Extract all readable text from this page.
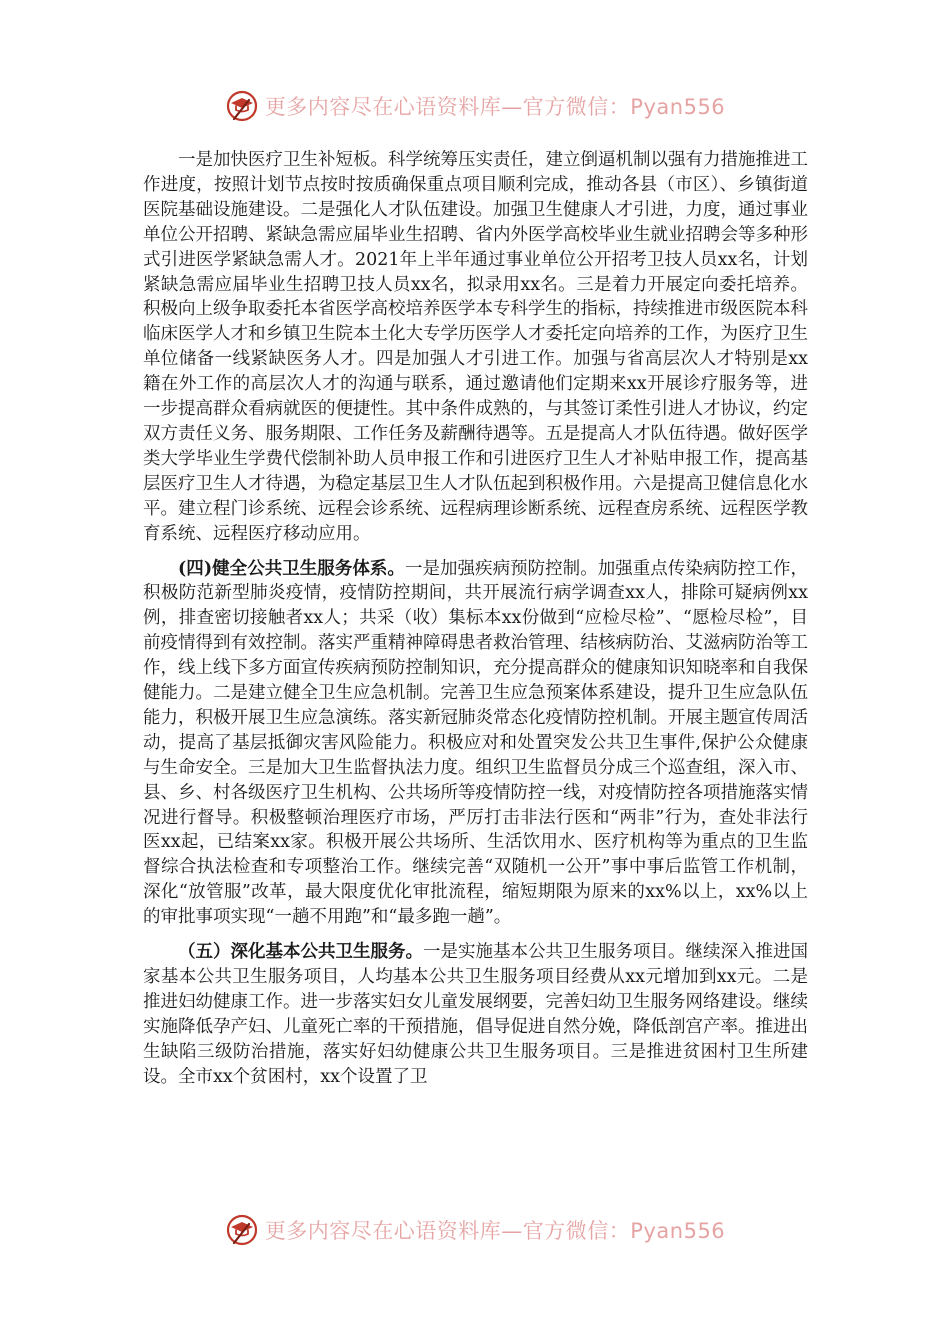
更多内容尽在心语资料库—官方微信：Pyan556

一是加快医疗卫生补短板。科学统筹压实责任，建立倒逼机制以强有力措施推进工作进度，按照计划节点按时按质确保重点项目顺利完成，推动各县（市区）、乡镇街道医院基础设施建设。二是强化人才队伍建设。加强卫生健康人才引进，力度，通过事业单位公开招聘、紧缺急需应届毕业生招聘、省内外医学高校毕业生就业招聘会等多种形式引进医学紧缺急需人才。2021年上半年通过事业单位公开招考卫技人员xx名，计划紧缺急需应届毕业生招聘卫技人员xx名，拟录用xx名。三是着力开展定向委托培养。积极向上级争取委托本省医学高校培养医学本专科学生的指标，持续推进市级医院本科临床医学人才和乡镇卫生院本土化大专学历医学人才委托定向培养的工作，为医疗卫生单位储备一线紧缺医务人才。四是加强人才引进工作。加强与省高层次人才特别是xx籍在外工作的高层次人才的沟通与联系，通过邀请他们定期来xx开展诊疗服务等，进一步提高群众看病就医的便捷性。其中条件成熟的，与其签订柔性引进人才协议，约定双方责任义务、服务期限、工作任务及薪酬待遇等。五是提高人才队伍待遇。做好医学类大学毕业生学费代偿制补助人员申报工作和引进医疗卫生人才补贴申报工作，提高基层医疗卫生人才待遇，为稳定基层卫生人才队伍起到积极作用。六是提高卫健信息化水平。建立程门诊系统、远程会诊系统、远程病理诊断系统、远程查房系统、远程医学教育系统、远程医疗移动应用。

(四)健全公共卫生服务体系。一是加强疾病预防控制。加强重点传染病防控工作，积极防范新型肺炎疫情，疫情防控期间，共开展流行病学调查xx人，排除可疑病例xx例，排查密切接触者xx人；共采（收）集标本xx份做到“应检尽检”、“愿检尽检”，目前疫情得到有效控制。落实严重精神障碍患者救治管理、结核病防治、艾滋病防治等工作，线上线下多方面宣传疾病预防控制知识，充分提高群众的健康知识知晓率和自我保健能力。二是建立健全卫生应急机制。完善卫生应急预案体系建设，提升卫生应急队伍能力，积极开展卫生应急演练。落实新冠肺炎常态化疫情防控机制。开展主题宣传周活动，提高了基层抵御灾害风险能力。积极应对和处置突发公共卫生事件,保护公众健康与生命安全。三是加大卫生监督执法力度。组织卫生监督员分成三个巡查组，深入市、县、乡、村各级医疗卫生机构、公共场所等疫情防控一线，对疫情防控各项措施落实情况进行督导。积极整顿治理医疗市场，严厉打击非法行医和“两非”行为，查处非法行医xx起，已结案xx家。积极开展公共场所、生活饮用水、医疗机构等为重点的卫生监督综合执法检查和专项整治工作。继续完善“双随机一公开”事中事后监管工作机制，深化“放管服”改革，最大限度优化审批流程，缩短期限为原来的xx%以上，xx%以上的审批事项实现“一趟不用跑”和“最多跑一趟”。

（五）深化基本公共卫生服务。一是实施基本公共卫生服务项目。继续深入推进国家基本公共卫生服务项目，人均基本公共卫生服务项目经费从xx元增加到xx元。二是推进妇幼健康工作。进一步落实妇女儿童发展纲要，完善妇幼卫生服务网络建设。继续实施降低孕产妇、儿童死亡率的干预措施，倡导促进自然分娩，降低剖宫产率。推进出生缺陷三级防治措施，落实好妇幼健康公共卫生服务项目。三是推进贫困村卫生所建设。全市xx个贫困村，xx个设置了卫

更多内容尽在心语资料库—官方微信：Pyan556
